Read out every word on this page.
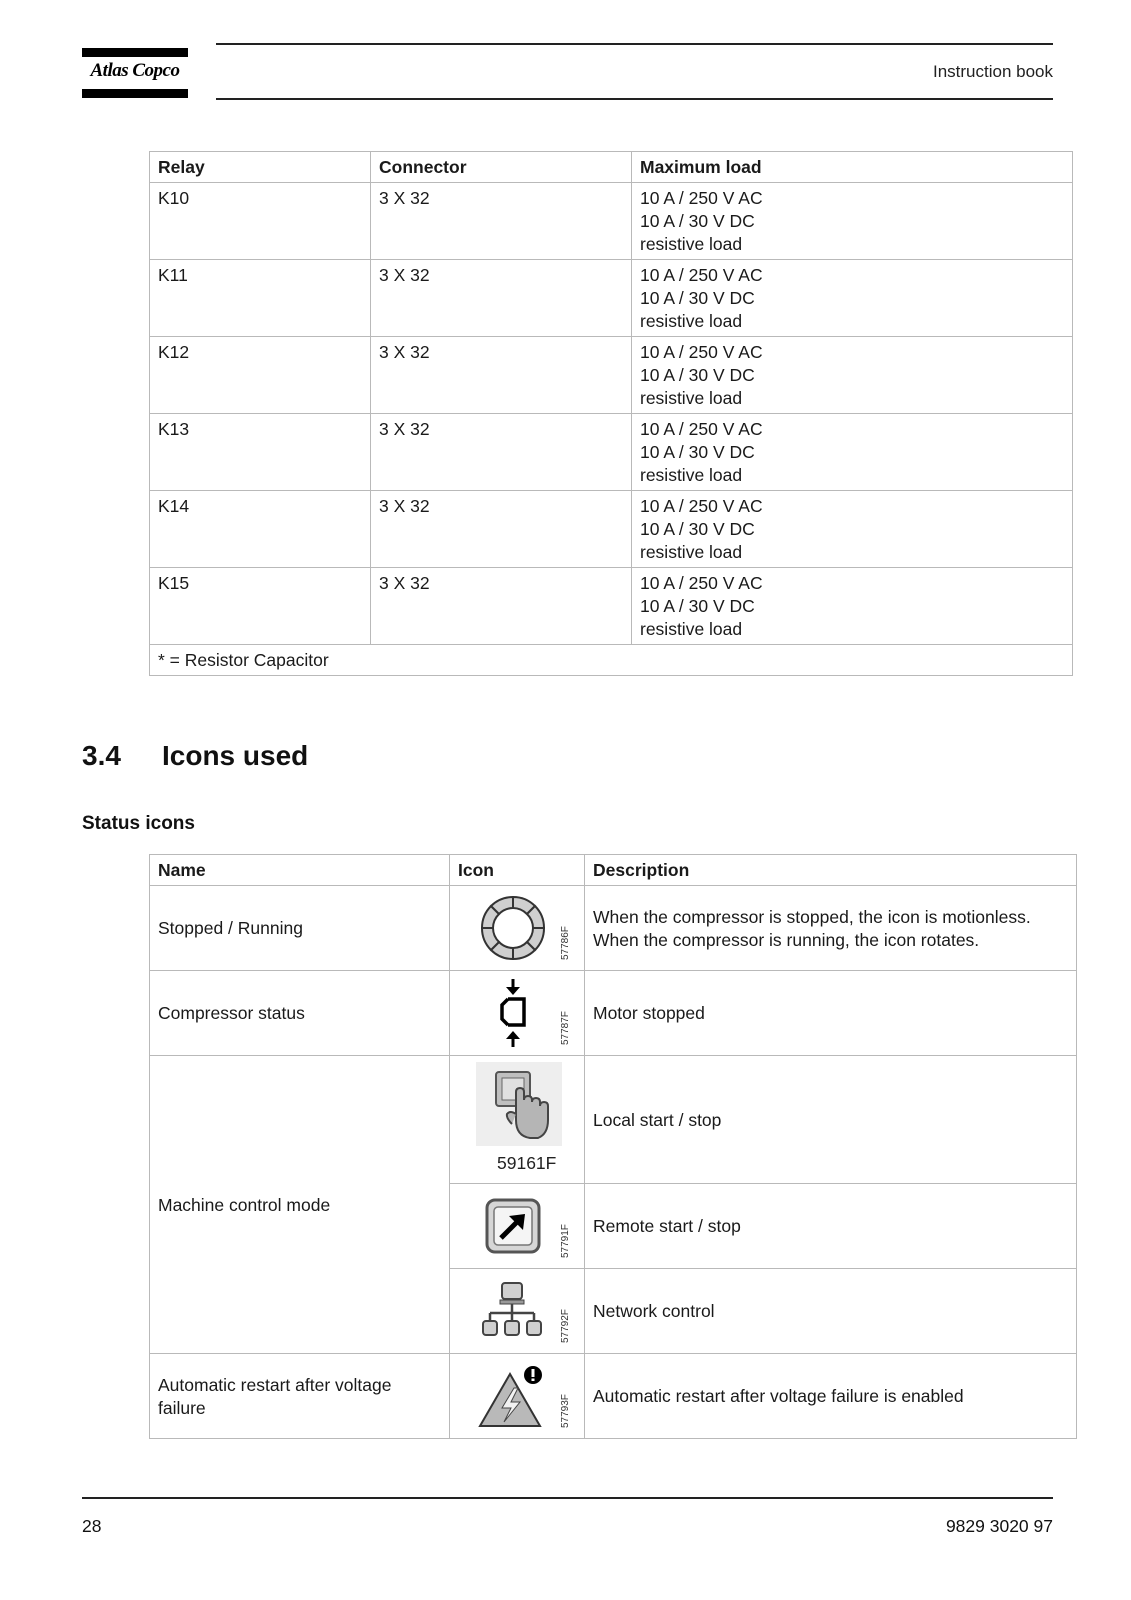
Atlas Copco	Instruction book
Relay	Connector	Maximum load
K10	3 X 32	10 A / 250 V AC
10 A / 30 V DC
resistive load

K11	3 X 32	10 A / 250 V AC
10 A / 30 V DC
resistive load

K12	3 X 32	10 A / 250 V AC
10 A / 30 V DC
resistive load

K13	3 X 32	10 A / 250 V AC
10 A / 30 V DC
resistive load

K14	3 X 32	10 A / 250 V AC
10 A / 30 V DC
resistive load

K15	3 X 32	10 A / 250 V AC
10 A / 30 V DC
resistive load

* = Resistor Capacitor		
3.4 Icons used
Status icons
Name	Icon	Description
Stopped / Running	57786F	When the compressor is stopped, the icon is motionless.
When the compressor is running, the icon rotates.

Compressor status	57787F	Motor stopped
Machine control mode	59161F	Local start / stop

	57791F	Remote start / stop

	57792F	Network control
Automatic restart after voltage failure	57793F	Automatic restart after voltage failure is enabled
28	9829 3020 97
